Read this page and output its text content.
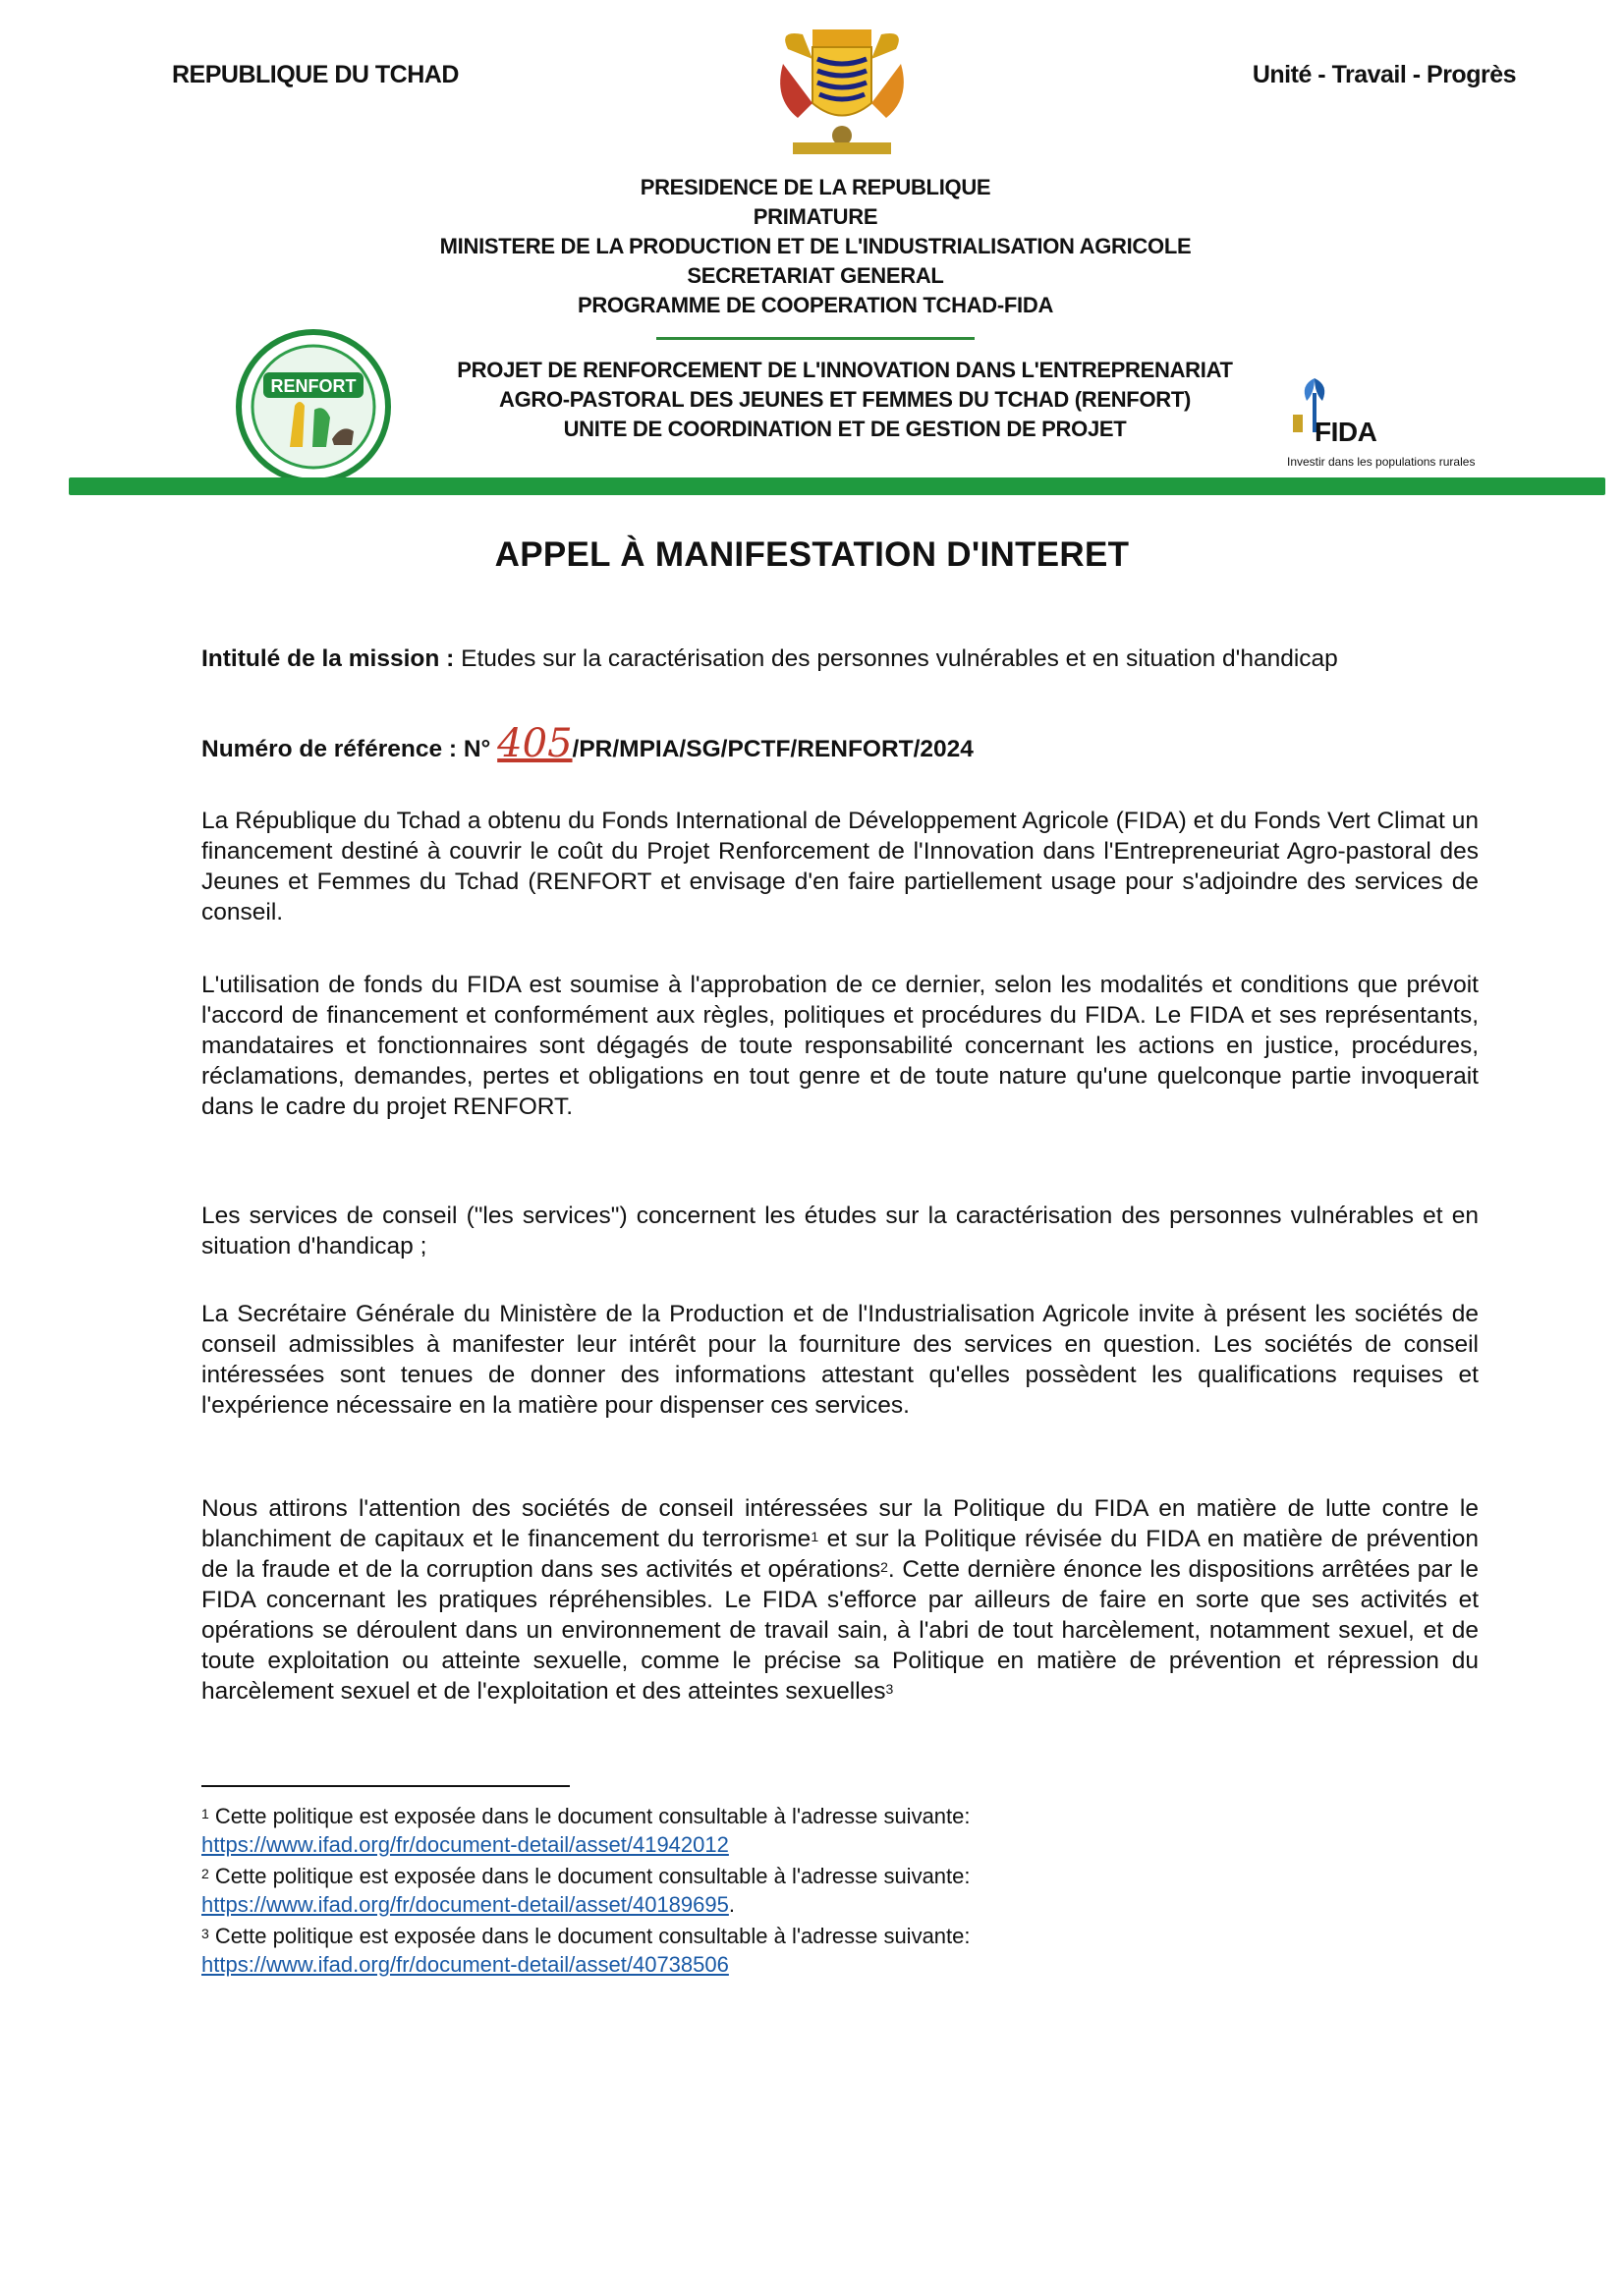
REPUBLIQUE DU TCHAD	Unité - Travail - Progrès
PRESIDENCE DE LA REPUBLIQUE
PRIMATURE
MINISTERE DE LA PRODUCTION ET DE L'INDUSTRIALISATION AGRICOLE
SECRETARIAT GENERAL
PROGRAMME DE COOPERATION TCHAD-FIDA
RENFORT
PROJET DE RENFORCEMENT DE L'INNOVATION DANS L'ENTREPRENARIAT
AGRO-PASTORAL DES JEUNES ET FEMMES DU TCHAD (RENFORT)
UNITE DE COORDINATION ET DE GESTION DE PROJET	FIDA
Investir dans les populations rurales
APPEL À MANIFESTATION D'INTERET
Intitulé de la mission : Etudes sur la caractérisation des personnes vulnérables et en situation d'handicap
Numéro de référence : N° 405/PR/MPIA/SG/PCTF/RENFORT/2024
La République du Tchad a obtenu du Fonds International de Développement Agricole (FIDA) et du Fonds Vert Climat un financement destiné à couvrir le coût du Projet Renforcement de l'Innovation dans l'Entrepreneuriat Agro-pastoral des Jeunes et Femmes du Tchad (RENFORT et envisage d'en faire partiellement usage pour s'adjoindre des services de conseil.
L'utilisation de fonds du FIDA est soumise à l'approbation de ce dernier, selon les modalités et conditions que prévoit l'accord de financement et conformément aux règles, politiques et procédures du FIDA. Le FIDA et ses représentants, mandataires et fonctionnaires sont dégagés de toute responsabilité concernant les actions en justice, procédures, réclamations, demandes, pertes et obligations en tout genre et de toute nature qu'une quelconque partie invoquerait dans le cadre du projet RENFORT.
Les services de conseil ("les services") concernent les études sur la caractérisation des personnes vulnérables et en situation d'handicap ;
La Secrétaire Générale du Ministère de la Production et de l'Industrialisation Agricole invite à présent les sociétés de conseil admissibles à manifester leur intérêt pour la fourniture des services en question. Les sociétés de conseil intéressées sont tenues de donner des informations attestant qu'elles possèdent les qualifications requises et l'expérience nécessaire en la matière pour dispenser ces services.
Nous attirons l'attention des sociétés de conseil intéressées sur la Politique du FIDA en matière de lutte contre le blanchiment de capitaux et le financement du terrorisme$^1$ et sur la Politique révisée du FIDA en matière de prévention de la fraude et de la corruption dans ses activités et opérations$^2$. Cette dernière énonce les dispositions arrêtées par le FIDA concernant les pratiques répréhensibles. Le FIDA s'efforce par ailleurs de faire en sorte que ses activités et opérations se déroulent dans un environnement de travail sain, à l'abri de tout harcèlement, notamment sexuel, et de toute exploitation ou atteinte sexuelle, comme le précise sa Politique en matière de prévention et répression du harcèlement sexuel et de l'exploitation et des atteintes sexuelles$^3$
$^1$ Cette politique est exposée dans le document consultable à l'adresse suivante:
https://www.ifad.org/fr/document-detail/asset/41942012
$^2$ Cette politique est exposée dans le document consultable à l'adresse suivante:
https://www.ifad.org/fr/document-detail/asset/40189695.
$^3$ Cette politique est exposée dans le document consultable à l'adresse suivante:
https://www.ifad.org/fr/document-detail/asset/40738506
